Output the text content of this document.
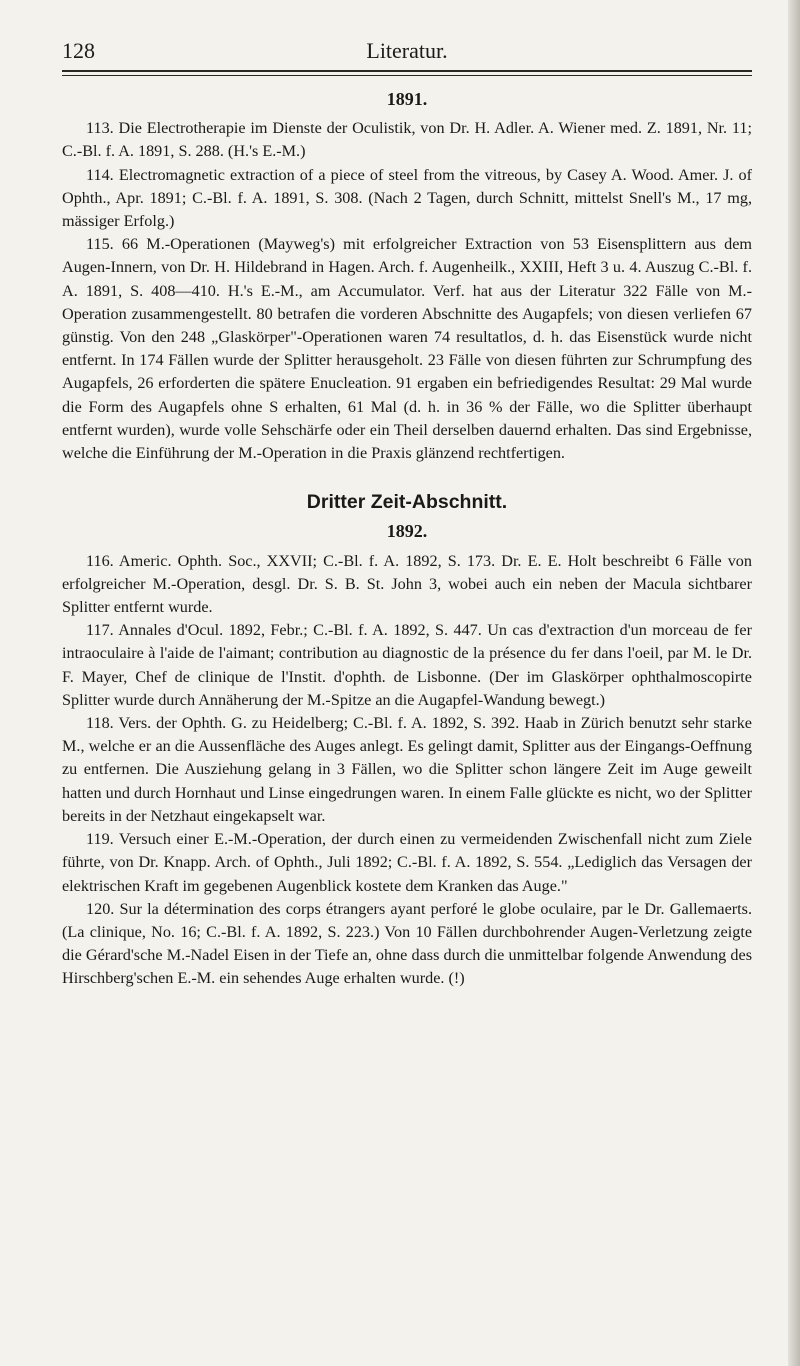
128	Literatur.
1891.

113. Die Electrotherapie im Dienste der Oculistik, von Dr. H. Adler. A. Wiener med. Z. 1891, Nr. 11; C.-Bl. f. A. 1891, S. 288. (H.'s E.-M.)

114. Electromagnetic extraction of a piece of steel from the vitreous, by Casey A. Wood. Amer. J. of Ophth., Apr. 1891; C.-Bl. f. A. 1891, S. 308. (Nach 2 Tagen, durch Schnitt, mittelst Snell's M., 17 mg, mässiger Erfolg.)

115. 66 M.-Operationen (Mayweg's) mit erfolgreicher Extraction von 53 Eisensplittern aus dem Augen-Innern, von Dr. H. Hildebrand in Hagen. Arch. f. Augenheilk., XXIII, Heft 3 u. 4. Auszug C.-Bl. f. A. 1891, S. 408—410. H.'s E.-M., am Accumulator. Verf. hat aus der Literatur 322 Fälle von M.-Operation zusammengestellt. 80 betrafen die vorderen Abschnitte des Augapfels; von diesen verliefen 67 günstig. Von den 248 „Glaskörper"-Operationen waren 74 resultatlos, d. h. das Eisenstück wurde nicht entfernt. In 174 Fällen wurde der Splitter herausgeholt. 23 Fälle von diesen führten zur Schrumpfung des Augapfels, 26 erforderten die spätere Enucleation. 91 ergaben ein befriedigendes Resultat: 29 Mal wurde die Form des Augapfels ohne S erhalten, 61 Mal (d. h. in 36 % der Fälle, wo die Splitter überhaupt entfernt wurden), wurde volle Sehschärfe oder ein Theil derselben dauernd erhalten. Das sind Ergebnisse, welche die Einführung der M.-Operation in die Praxis glänzend rechtfertigen.

Dritter Zeit-Abschnitt.
1892.

116. Americ. Ophth. Soc., XXVII; C.-Bl. f. A. 1892, S. 173. Dr. E. E. Holt beschreibt 6 Fälle von erfolgreicher M.-Operation, desgl. Dr. S. B. St. John 3, wobei auch ein neben der Macula sichtbarer Splitter entfernt wurde.

117. Annales d'Ocul. 1892, Febr.; C.-Bl. f. A. 1892, S. 447. Un cas d'extraction d'un morceau de fer intraoculaire à l'aide de l'aimant; contribution au diagnostic de la présence du fer dans l'oeil, par M. le Dr. F. Mayer, Chef de clinique de l'Instit. d'ophth. de Lisbonne. (Der im Glaskörper ophthalmoscopirte Splitter wurde durch Annäherung der M.-Spitze an die Augapfel-Wandung bewegt.)

118. Vers. der Ophth. G. zu Heidelberg; C.-Bl. f. A. 1892, S. 392. Haab in Zürich benutzt sehr starke M., welche er an die Aussenfläche des Auges anlegt. Es gelingt damit, Splitter aus der Eingangs-Oeffnung zu entfernen. Die Ausziehung gelang in 3 Fällen, wo die Splitter schon längere Zeit im Auge geweilt hatten und durch Hornhaut und Linse eingedrungen waren. In einem Falle glückte es nicht, wo der Splitter bereits in der Netzhaut eingekapselt war.

119. Versuch einer E.-M.-Operation, der durch einen zu vermeidenden Zwischenfall nicht zum Ziele führte, von Dr. Knapp. Arch. of Ophth., Juli 1892; C.-Bl. f. A. 1892, S. 554. „Lediglich das Versagen der elektrischen Kraft im gegebenen Augenblick kostete dem Kranken das Auge."

120. Sur la détermination des corps étrangers ayant perforé le globe oculaire, par le Dr. Gallemaerts. (La clinique, No. 16; C.-Bl. f. A. 1892, S. 223.) Von 10 Fällen durchbohrender Augen-Verletzung zeigte die Gérard'sche M.-Nadel Eisen in der Tiefe an, ohne dass durch die unmittelbar folgende Anwendung des Hirschberg'schen E.-M. ein sehendes Auge erhalten wurde. (!)
